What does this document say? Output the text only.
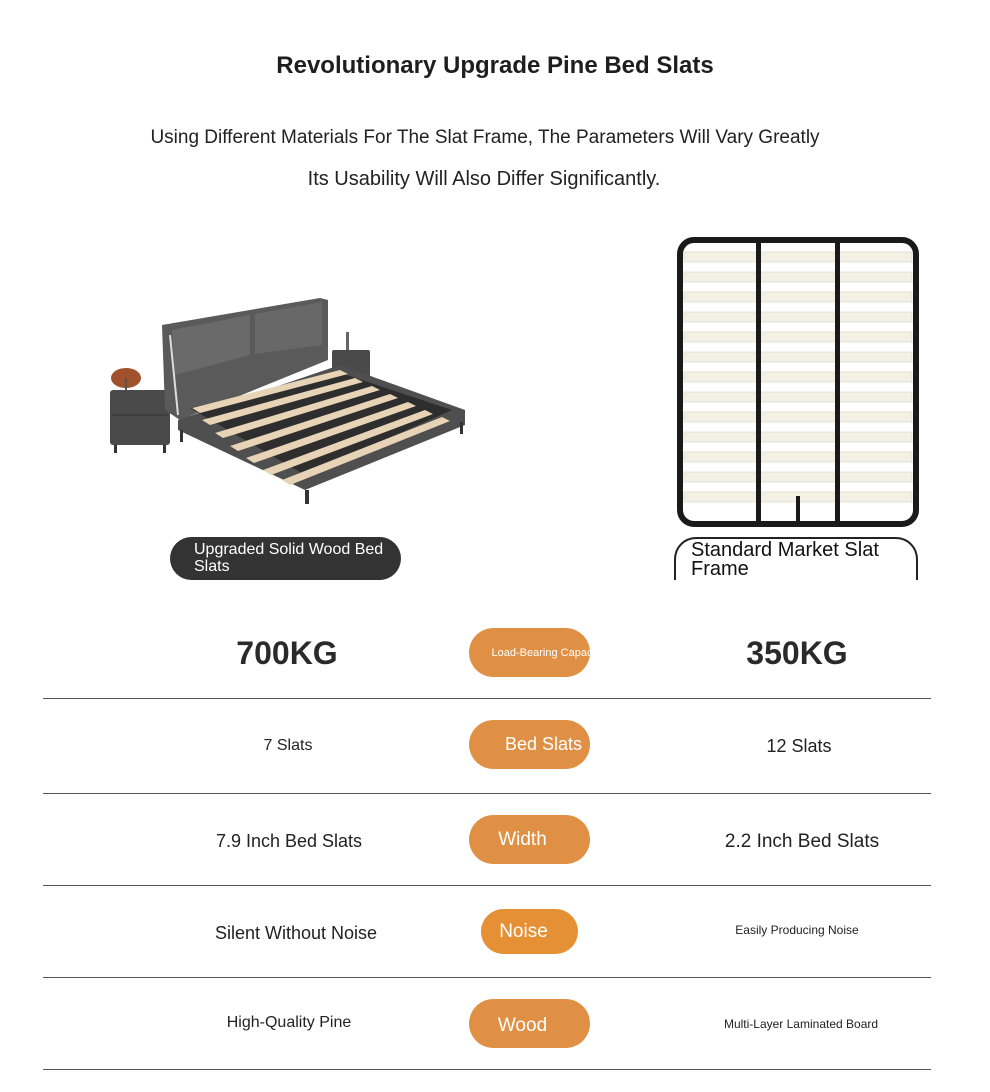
Revolutionary Upgrade Pine Bed Slats
Using Different Materials For The Slat Frame, The Parameters Will Vary Greatly
Its Usability Will Also Differ Significantly.
Upgraded Solid Wood Bed Slats
Standard Market Slat Frame
700KG	Load-Bearing Capacity	350KG
7 Slats	Bed Slats	12 Slats
7.9 Inch Bed Slats	Width	2.2 Inch Bed Slats
Silent Without Noise	Noise	Easily Producing Noise
High-Quality Pine	Wood	Multi-Layer Laminated Board
